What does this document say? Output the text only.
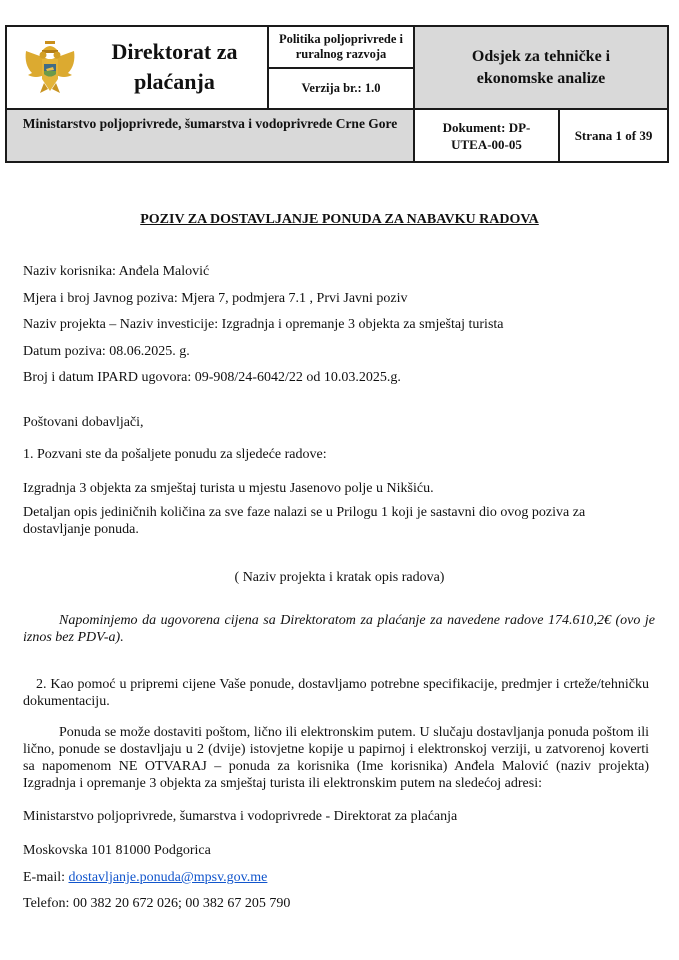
Direktorat za plaćanja	Politika poljoprivrede i ruralnog razvoja	Odsjek za tehničke i ekonomske analize	
	Verzija br.: 1.0		
Ministarstvo poljoprivrede, šumarstva i vodoprivrede Crne Gore		Dokument: DP-UTEA-00-05	Strana 1 of 39
POZIV ZA DOSTAVLJANJE PONUDA ZA NABAVKU RADOVA
Naziv korisnika: Anđela Malović
Mjera i broj Javnog poziva: Mjera 7, podmjera 7.1 , Prvi Javni poziv
Naziv projekta – Naziv investicije: Izgradnja i opremanje 3 objekta za smještaj turista
Datum poziva: 08.06.2025. g.
Broj i datum IPARD ugovora: 09-908/24-6042/22 od 10.03.2025.g.
Poštovani dobavljači,
1. Pozvani ste da pošaljete ponudu za sljedeće radove:
Izgradnja 3 objekta za smještaj turista u mjestu Jasenovo polje u Nikšiću.
Detaljan opis jediničnih količina za sve faze nalazi se u Prilogu 1 koji je sastavni dio ovog poziva za dostavljanje ponuda.
( Naziv projekta i kratak opis radova)
Napominjemo da ugovorena cijena sa Direktoratom za plaćanje za navedene radove 174.610,2€ (ovo je iznos bez PDV-a).
2. Kao pomoć u pripremi cijene Vaše ponude, dostavljamo potrebne specifikacije, predmjer i crteže/tehničku dokumentaciju.
Ponuda se može dostaviti poštom, lično ili elektronskim putem. U slučaju dostavljanja ponuda poštom ili lično, ponude se dostavljaju u 2 (dvije) istovjetne kopije u papirnoj i elektronskoj verziji, u zatvorenoj koverti sa napomenom NE OTVARAJ – ponuda za korisnika (Ime korisnika) Anđela Malović (naziv projekta) Izgradnja i opremanje 3 objekta za smještaj turista ili elektronskim putem na sledećoj adresi:
Ministarstvo poljoprivrede, šumarstva i vodoprivrede - Direktorat za plaćanja
Moskovska 101 81000 Podgorica
E-mail: dostavljanje.ponuda@mpsv.gov.me
Telefon: 00 382 20 672 026; 00 382 67 205 790
